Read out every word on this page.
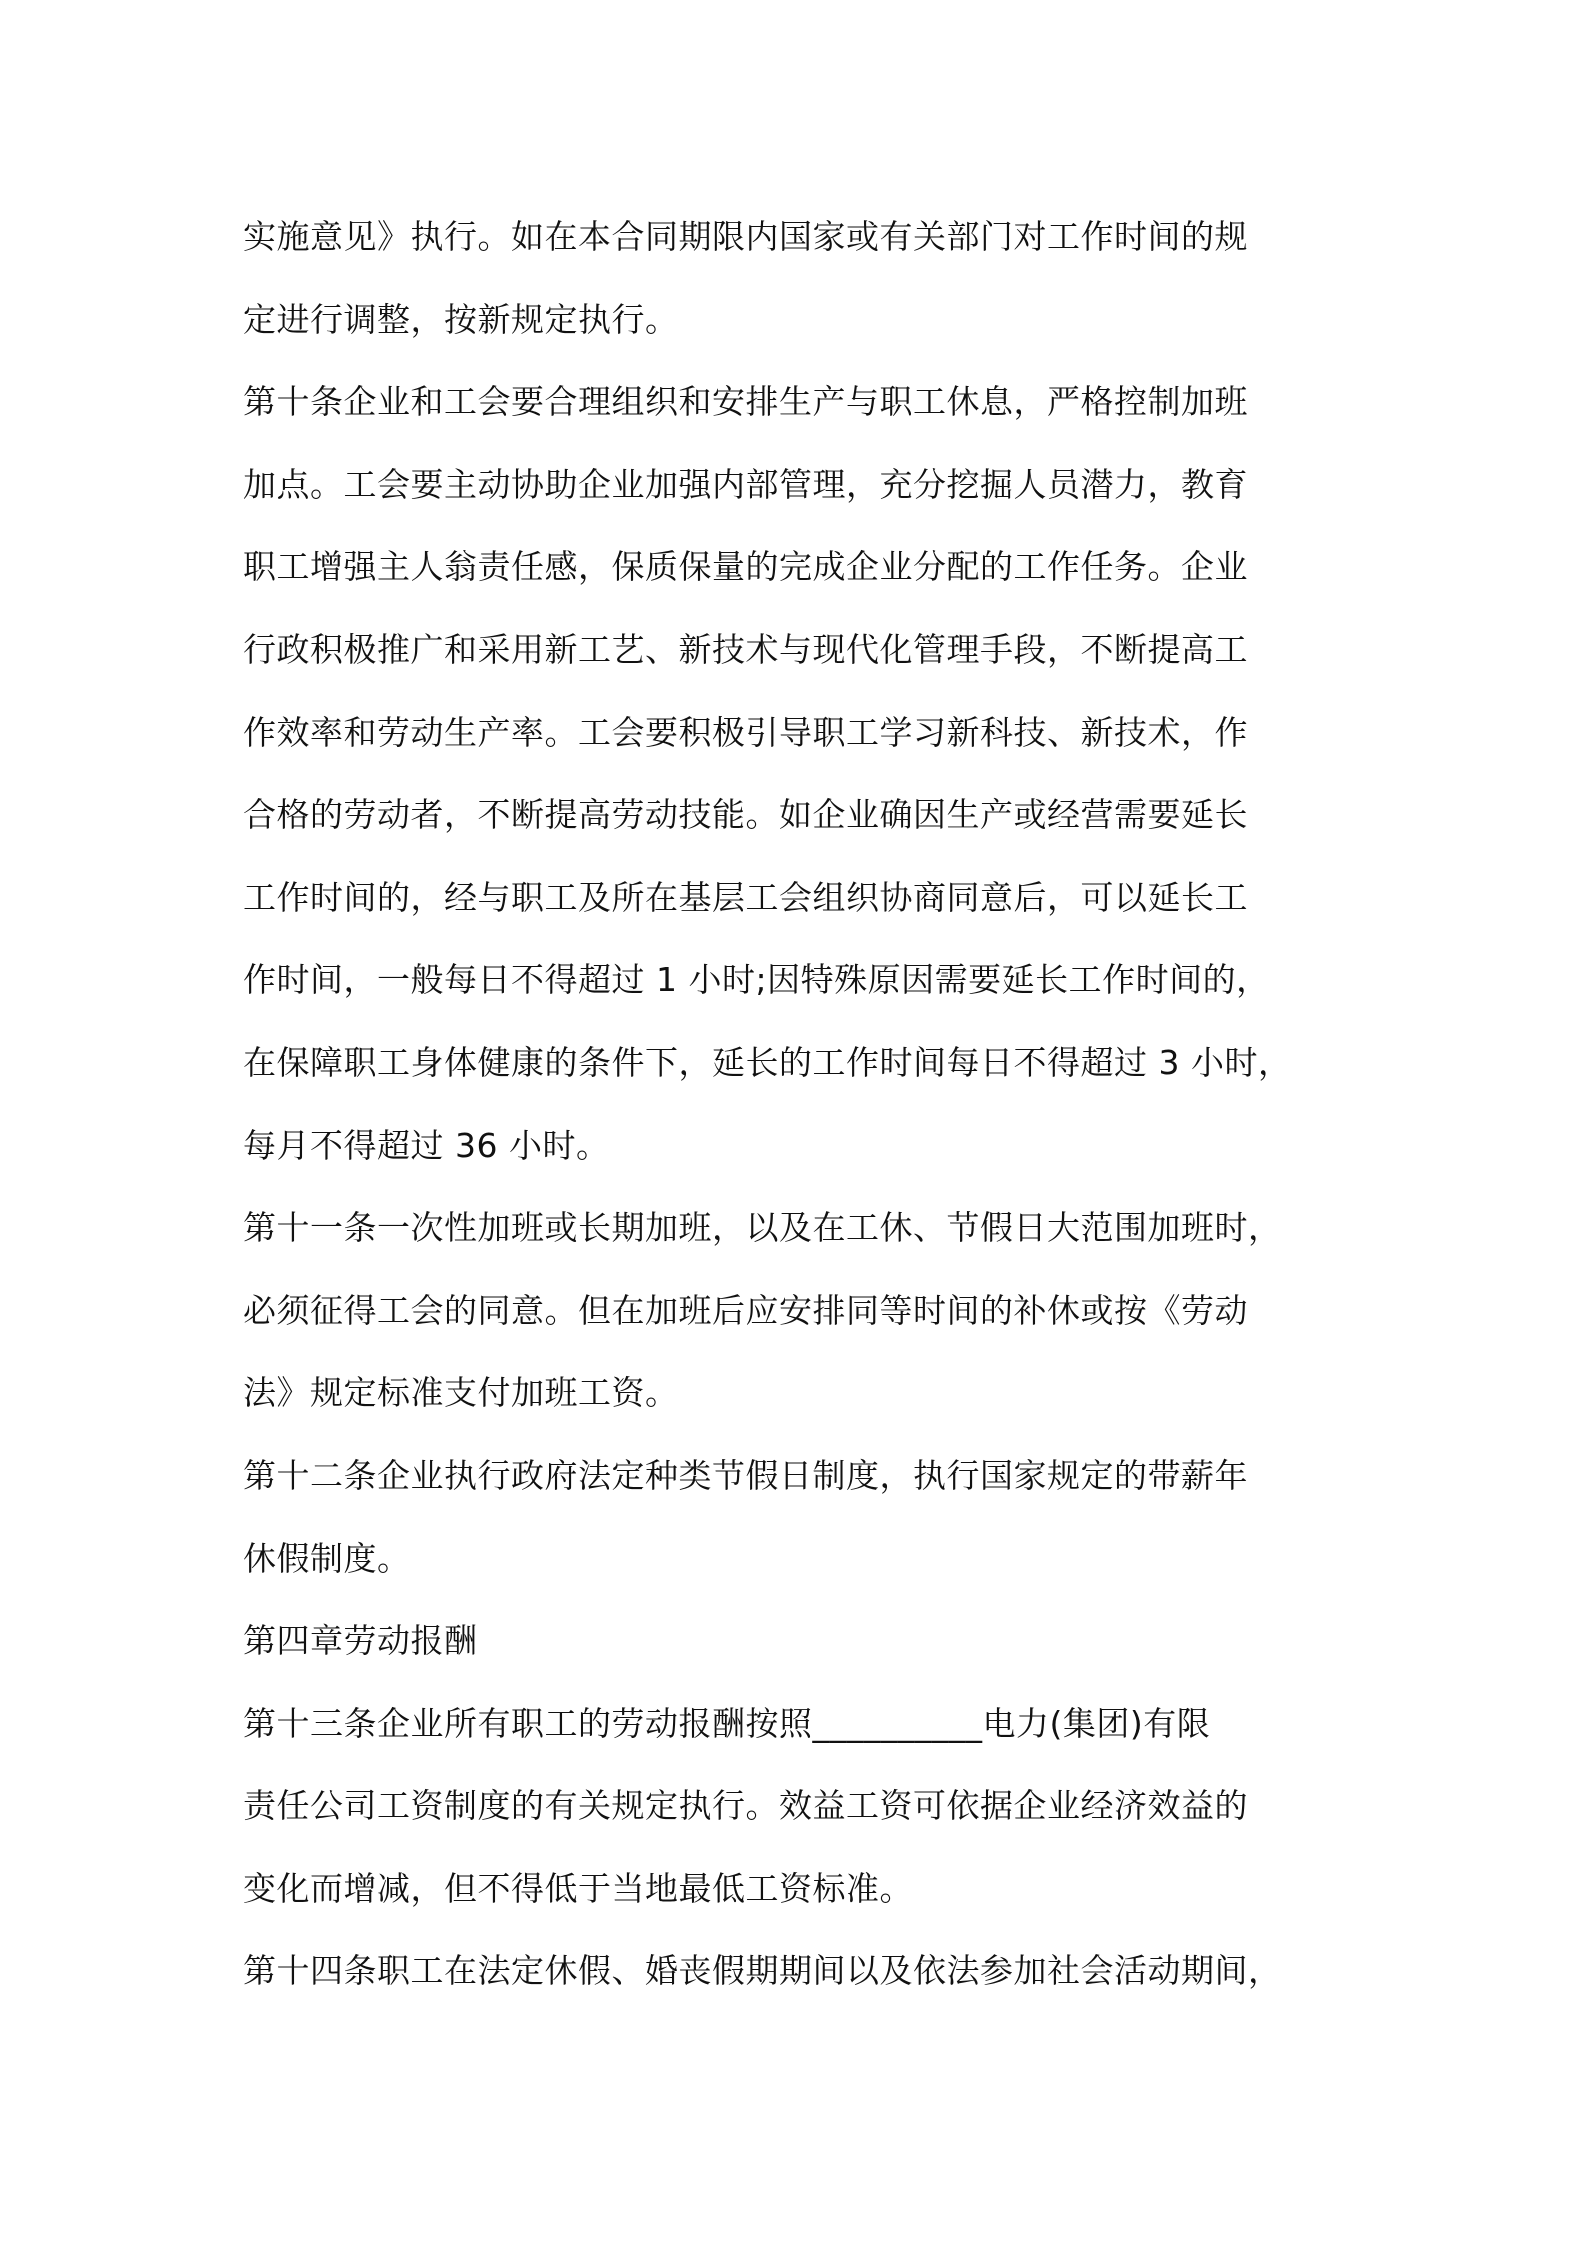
实施意见》执行。如在本合同期限内国家或有关部门对工作时间的规
定进行调整，按新规定执行。
第十条企业和工会要合理组织和安排生产与职工休息，严格控制加班
加点。工会要主动协助企业加强内部管理，充分挖掘人员潜力，教育
职工增强主人翁责任感，保质保量的完成企业分配的工作任务。企业
行政积极推广和采用新工艺、新技术与现代化管理手段，不断提高工
作效率和劳动生产率。工会要积极引导职工学习新科技、新技术，作
合格的劳动者，不断提高劳动技能。如企业确因生产或经营需要延长
工作时间的，经与职工及所在基层工会组织协商同意后，可以延长工
作时间，一般每日不得超过 1 小时;因特殊原因需要延长工作时间的，
在保障职工身体健康的条件下，延长的工作时间每日不得超过 3 小时，
每月不得超过 36 小时。
第十一条一次性加班或长期加班，以及在工休、节假日大范围加班时，
必须征得工会的同意。但在加班后应安排同等时间的补休或按《劳动
法》规定标准支付加班工资。
第十二条企业执行政府法定种类节假日制度，执行国家规定的带薪年
休假制度。
第四章劳动报酬
第十三条企业所有职工的劳动报酬按照__________电力(集团)有限
责任公司工资制度的有关规定执行。效益工资可依据企业经济效益的
变化而增减，但不得低于当地最低工资标准。
第十四条职工在法定休假、婚丧假期期间以及依法参加社会活动期间，
